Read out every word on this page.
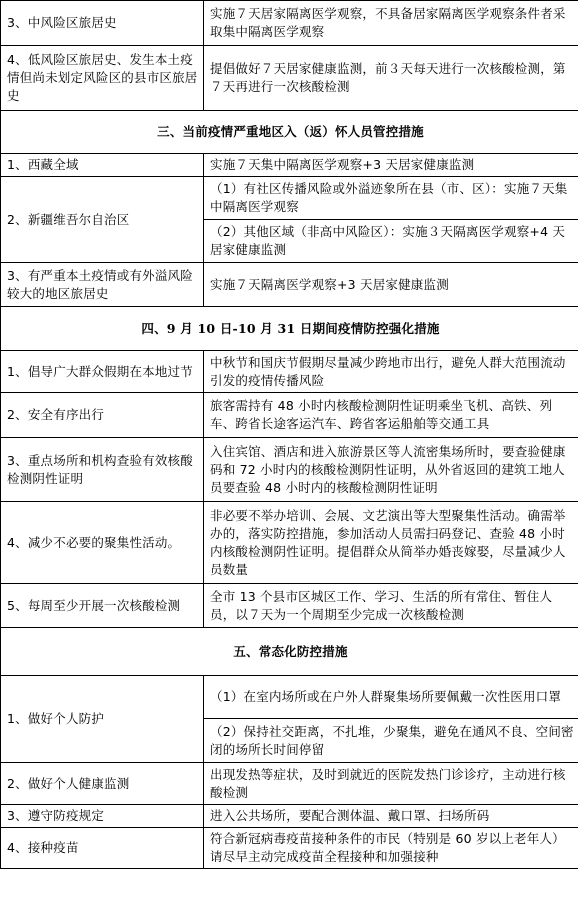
3、中风险区旅居史	实施７天居家隔离医学观察，不具备居家隔离医学观察条件者采取集中隔离医学观察
4、低风险区旅居史、发生本土疫情但尚未划定风险区的县市区旅居史	提倡做好７天居家健康监测，前３天每天进行一次核酸检测，第７天再进行一次核酸检测
三、当前疫情严重地区入（返）怀人员管控措施	
1、西藏全域	实施７天集中隔离医学观察+3 天居家健康监测
2、新疆维吾尔自治区	（1）有社区传播风险或外溢迹象所在县（市、区）：实施７天集中隔离医学观察
	（2）其他区域（非高中风险区）：实施３天隔离医学观察+4 天居家健康监测
3、有严重本土疫情或有外溢风险较大的地区旅居史	实施７天隔离医学观察+3 天居家健康监测
四、9 月 10 日-10 月 31 日期间疫情防控强化措施	
1、倡导广大群众假期在本地过节	中秋节和国庆节假期尽量减少跨地市出行，避免人群大范围流动引发的疫情传播风险
2、安全有序出行	旅客需持有 48 小时内核酸检测阴性证明乘坐飞机、高铁、列车、跨省长途客运汽车、跨省客运船舶等交通工具
3、重点场所和机构查验有效核酸检测阴性证明	入住宾馆、酒店和进入旅游景区等人流密集场所时，要查验健康码和 72 小时内的核酸检测阴性证明，从外省返回的建筑工地人员要查验 48 小时内的核酸检测阴性证明
4、减少不必要的聚集性活动。	非必要不举办培训、会展、文艺演出等大型聚集性活动。确需举办的，落实防控措施，参加活动人员需扫码登记、查验 48 小时内核酸检测阴性证明。提倡群众从简举办婚丧嫁娶，尽量减少人员数量
5、每周至少开展一次核酸检测	全市 13 个县市区城区工作、学习、生活的所有常住、暂住人员，以７天为一个周期至少完成一次核酸检测
五、常态化防控措施	
1、做好个人防护	（1）在室内场所或在户外人群聚集场所要佩戴一次性医用口罩
	（2）保持社交距离，不扎堆，少聚集，避免在通风不良、空间密闭的场所长时间停留
2、做好个人健康监测	出现发热等症状，及时到就近的医院发热门诊诊疗，主动进行核酸检测
3、遵守防疫规定	进入公共场所，要配合测体温、戴口罩、扫场所码
4、接种疫苗	符合新冠病毒疫苗接种条件的市民（特别是 60 岁以上老年人）请尽早主动完成疫苗全程接种和加强接种
